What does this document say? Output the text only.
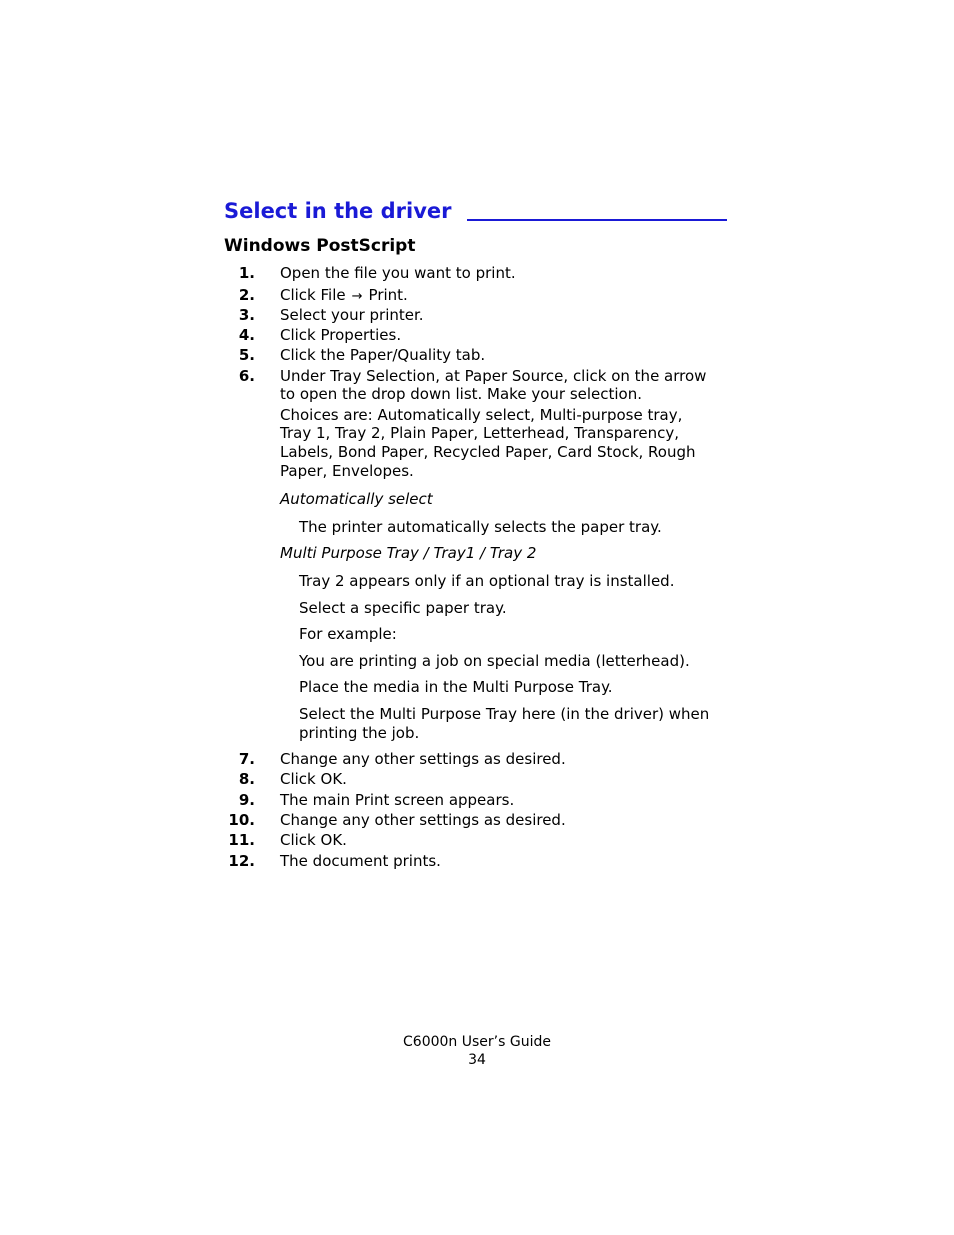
Select in the driver
Windows PostScript
1. Open the file you want to print.
2. Click File → Print.
3. Select your printer.
4. Click Properties.
5. Click the Paper/Quality tab.
6. Under Tray Selection, at Paper Source, click on the arrow
to open the drop down list. Make your selection.
Choices are: Automatically select, Multi-purpose tray,
Tray 1, Tray 2, Plain Paper, Letterhead, Transparency,
Labels, Bond Paper, Recycled Paper, Card Stock, Rough
Paper, Envelopes.
Automatically select
The printer automatically selects the paper tray.
Multi Purpose Tray / Tray1 / Tray 2
Tray 2 appears only if an optional tray is installed.
Select a specific paper tray.
For example:
You are printing a job on special media (letterhead).
Place the media in the Multi Purpose Tray.
Select the Multi Purpose Tray here (in the driver) when
printing the job.
7. Change any other settings as desired.
8. Click OK.
9. The main Print screen appears.
10. Change any other settings as desired.
11. Click OK.
12. The document prints.
C6000n User’s Guide
34
